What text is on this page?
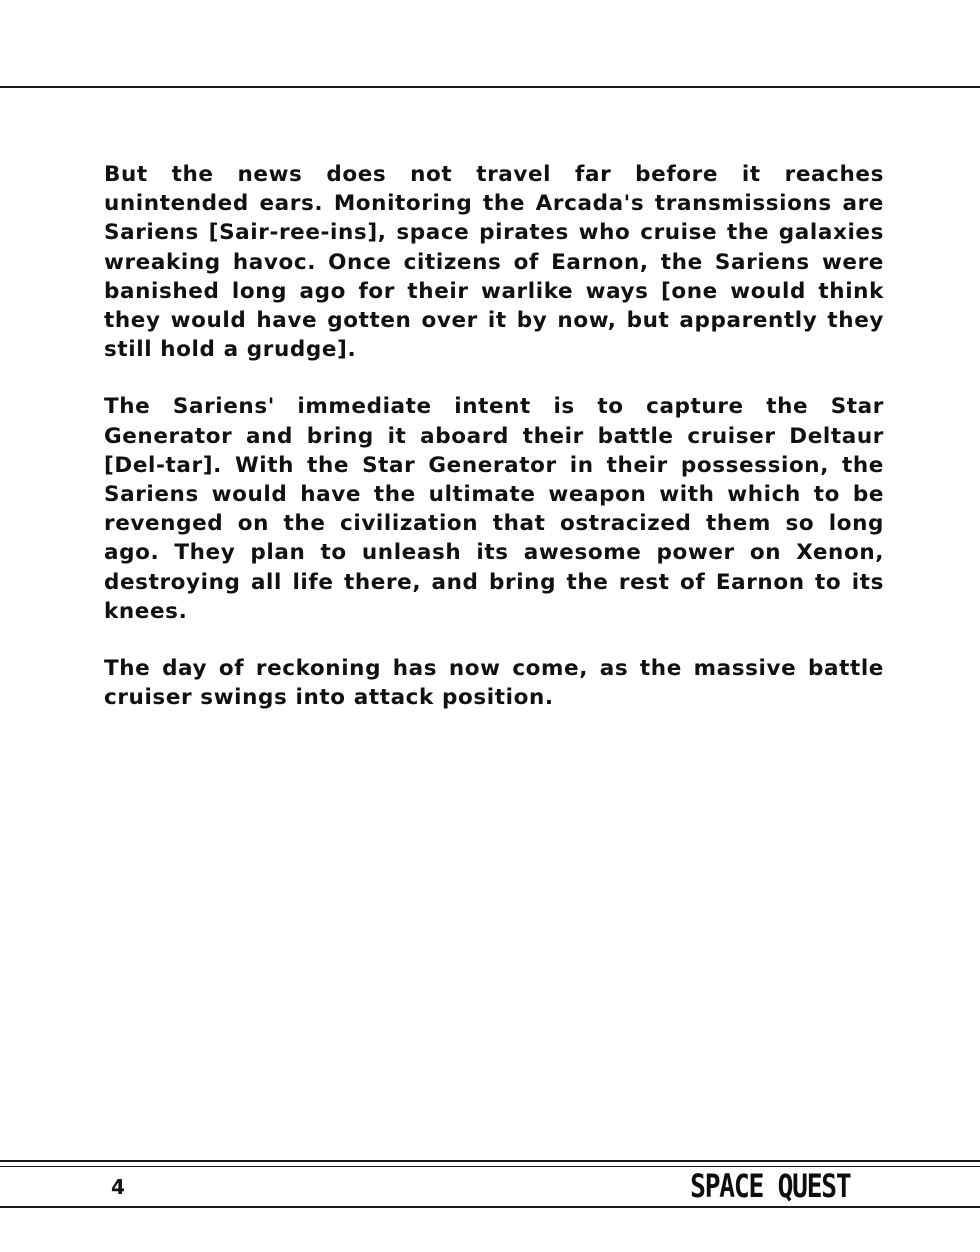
But the news does not travel far before it reaches unintended ears. Monitoring the Arcada's transmissions are Sariens [Sair-ree-ins], space pirates who cruise the galaxies wreaking havoc. Once citizens of Earnon, the Sariens were banished long ago for their warlike ways [one would think they would have gotten over it by now, but apparently they still hold a grudge].

The Sariens' immediate intent is to capture the Star Generator and bring it aboard their battle cruiser Deltaur [Del-tar]. With the Star Generator in their possession, the Sariens would have the ultimate weapon with which to be revenged on the civilization that ostracized them so long ago. They plan to unleash its awesome power on Xenon, destroying all life there, and bring the rest of Earnon to its knees.

The day of reckoning has now come, as the massive battle cruiser swings into attack position.

4	SPACE QUEST
